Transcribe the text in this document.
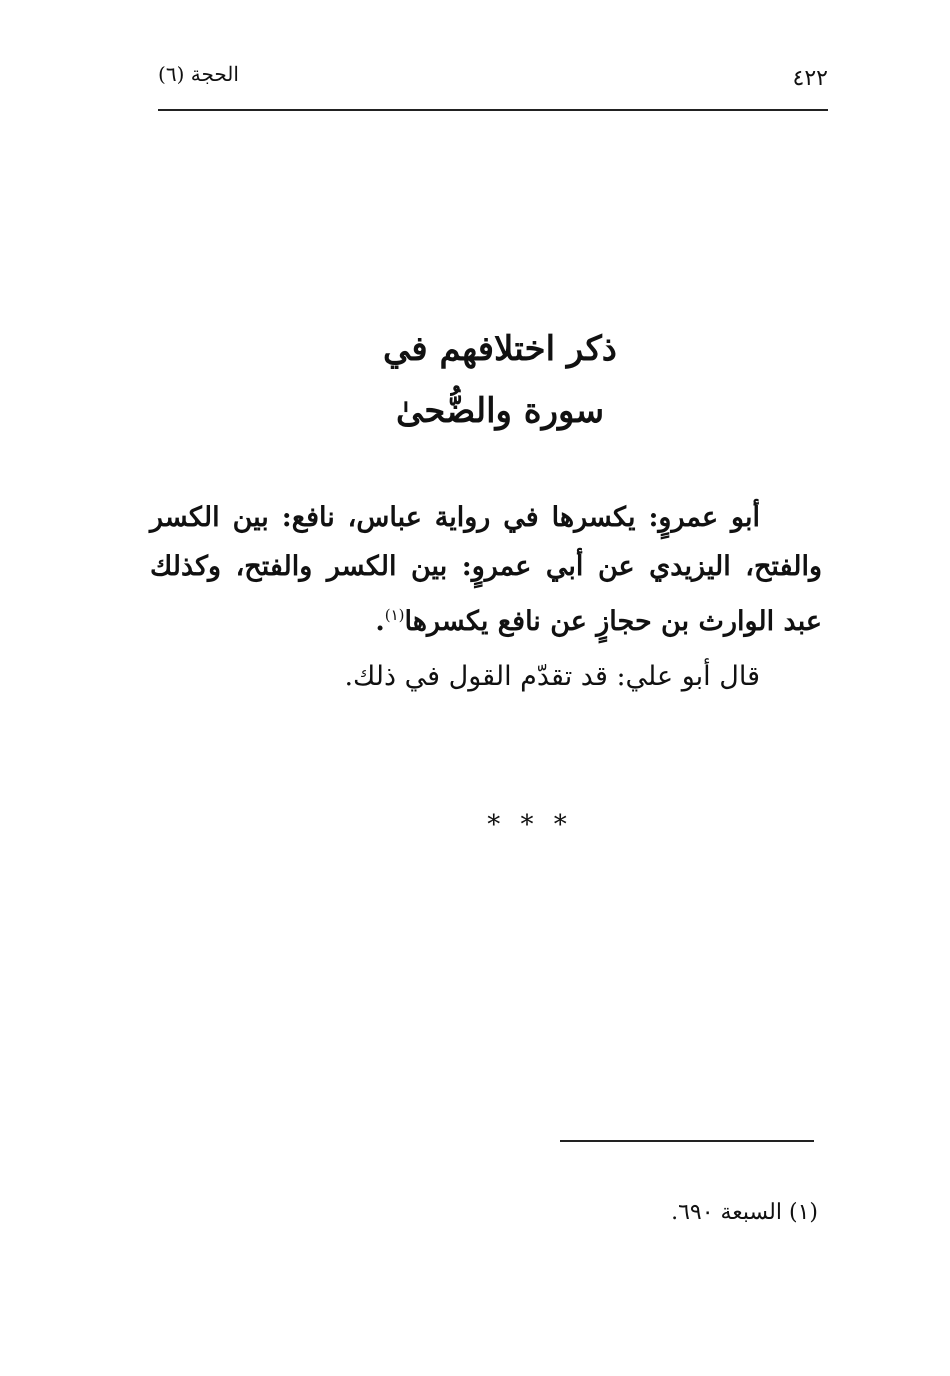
٤٢٢
الحجة (٦)
ذكر اختلافهم في
سورة والضُّحىٰ

أبو عمروٍ: يكسرها في رواية عباس، نافع: بين الكسر والفتح، اليزيدي عن أبي عمروٍ: بين الكسر والفتح، وكذلك عبد الوارث بن حجازٍ عن نافع يكسرها$^{(١)}$.

قال أبو علي: قد تقدّم القول في ذلك.

* * *
(١) السبعة ٦٩٠.
